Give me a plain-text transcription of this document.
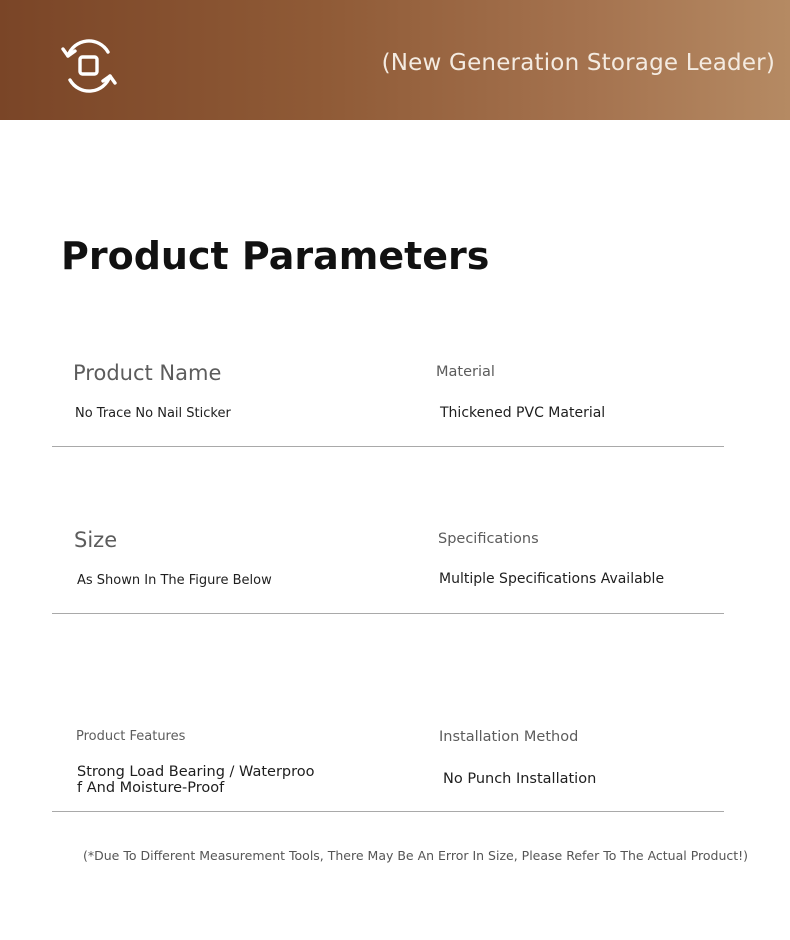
(New Generation Storage Leader)
Product Parameters
Product Name
No Trace No Nail Sticker
Material
Thickened PVC Material
Size
As Shown In The Figure Below
Specifications
Multiple Specifications Available
Product Features
Strong Load Bearing / Waterproo
f And Moisture-Proof
Installation Method
No Punch Installation
(*Due To Different Measurement Tools, There May Be An Error In Size, Please Refer To The Actual Product!)
